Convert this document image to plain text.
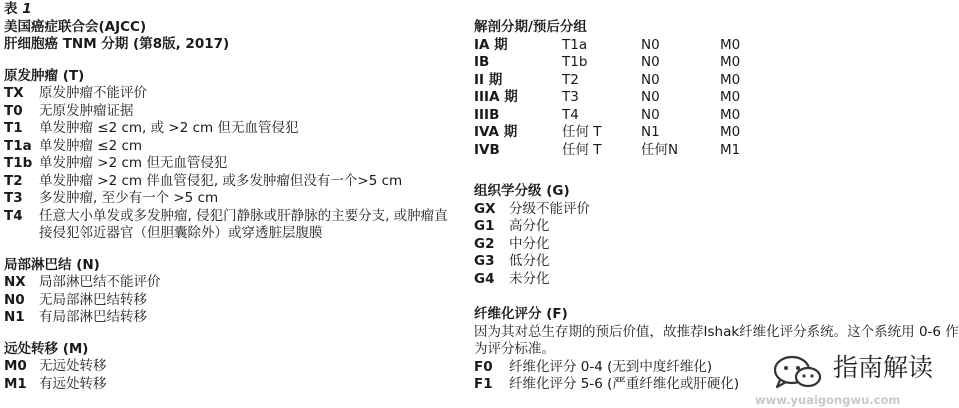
表 1
美国癌症联合会(AJCC)
肝细胞癌 TNM 分期 (第8版, 2017)
原发肿瘤 (T)
TX	原发肿瘤不能评价
T0	无原发肿瘤证据
T1	单发肿瘤 ≤2 cm, 或 >2 cm 但无血管侵犯
T1a 单发肿瘤 ≤2 cm
T1b 单发肿瘤 >2 cm 但无血管侵犯
T2	单发肿瘤 >2 cm 伴血管侵犯, 或多发肿瘤但没有一个>5 cm
T3	多发肿瘤, 至少有一个 >5 cm
T4	任意大小单发或多发肿瘤, 侵犯门静脉或肝静脉的主要分支, 或肿瘤直接侵犯邻近器官（但胆囊除外）或穿透脏层腹膜
局部淋巴结 (N)
NX 局部淋巴结不能评价
N0	无局部淋巴结转移
N1	有局部淋巴结转移
远处转移 (M)
M0 无远处转移
M1 有远处转移
解剖分期/预后分组
IA 期	T1a	N0	M0
IB	T1b	N0	M0
II 期	T2	N0	M0
IIIA 期	T3	N0	M0
IIIB	T4	N0	M0
IVA 期	任何 T	N1	M0
IVB	任何 T	任何N	M1
组织学分级 (G)
GX	分级不能评价
G1	高分化
G2	中分化
G3	低分化
G4	未分化
纤维化评分 (F)
因为其对总生存期的预后价值，故推荐Ishak纤维化评分系统。这个系统用 0-6 作为评分标准。
F0	纤维化评分 0-4 (无到中度纤维化)
F1	纤维化评分 5-6 (严重纤维化或肝硬化)
指南解读
www.yuaigongwu.com
